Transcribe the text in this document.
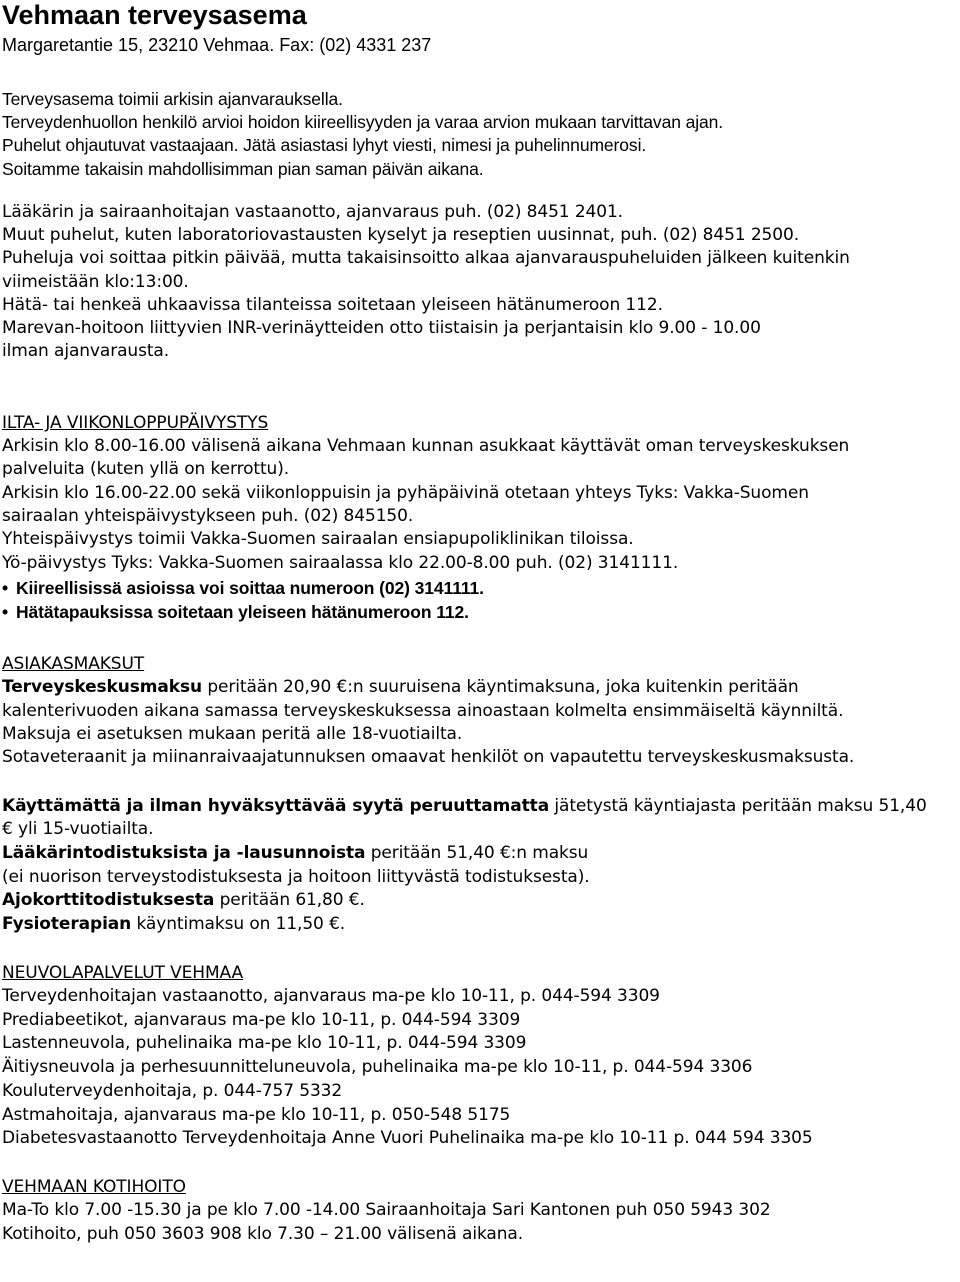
Vehmaan terveysasema
Margaretantie 15, 23210 Vehmaa. Fax: (02) 4331 237
Terveysasema toimii arkisin ajanvarauksella.
Terveydenhuollon henkilö arvioi hoidon kiireellisyyden ja varaa arvion mukaan tarvittavan ajan.
Puhelut ohjautuvat vastaajaan. Jätä asiastasi lyhyt viesti, nimesi ja puhelinnumerosi.
Soitamme takaisin mahdollisimman pian saman päivän aikana.
Lääkärin ja sairaanhoitajan vastaanotto, ajanvaraus puh. (02) 8451 2401.
Muut puhelut, kuten laboratoriovastausten kyselyt ja reseptien uusinnat, puh. (02) 8451 2500.
Puheluja voi soittaa pitkin päivää, mutta takaisinsoitto alkaa ajanvarauspuheluiden jälkeen kuitenkin
viimeistään klo:13:00.
Hätä- tai henkeä uhkaavissa tilanteissa soitetaan yleiseen hätänumeroon 112.
Marevan-hoitoon liittyvien INR-verinäytteiden otto tiistaisin ja perjantaisin klo 9.00 - 10.00
ilman ajanvarausta.
ILTA- JA VIIKONLOPPUPÄIVYSTYS
Arkisin klo 8.00-16.00 välisenä aikana Vehmaan kunnan asukkaat käyttävät oman terveyskeskuksen
palveluita (kuten yllä on kerrottu).
Arkisin klo 16.00-22.00 sekä viikonloppuisin ja pyhäpäivinä otetaan yhteys Tyks: Vakka-Suomen
sairaalan yhteispäivystykseen puh. (02) 845150.
Yhteispäivystys toimii Vakka-Suomen sairaalan ensiapupoliklinikan tiloissa.
Yö-päivystys Tyks: Vakka-Suomen sairaalassa klo 22.00-8.00 puh. (02) 3141111.
• Kiireellisissä asioissa voi soittaa numeroon (02) 3141111.
• Hätätapauksissa soitetaan yleiseen hätänumeroon 112.
ASIAKASMAKSUT
Terveyskeskusmaksu peritään 20,90 €:n suuruisena käyntimaksuna, joka kuitenkin peritään
kalenterivuoden aikana samassa terveyskeskuksessa ainoastaan kolmelta ensimmäiseltä käynniltä.
Maksuja ei asetuksen mukaan peritä alle 18-vuotiailta.
Sotaveteraanit ja miinanraivaajatunnuksen omaavat henkilöt on vapautettu terveyskeskusmaksusta.
Käyttämättä ja ilman hyväksyttävää syytä peruuttamatta jätetystä käyntiajasta peritään maksu 51,40
€ yli 15-vuotiailta.
Lääkärintodistuksista ja -lausunnoista peritään 51,40 €:n maksu
(ei nuorison terveystodistuksesta ja hoitoon liittyvästä todistuksesta).
Ajokorttitodistuksesta peritään 61,80 €.
Fysioterapian käyntimaksu on 11,50 €.
NEUVOLAPALVELUT VEHMAA
Terveydenhoitajan vastaanotto, ajanvaraus ma-pe klo 10-11, p. 044-594 3309
Prediabeetikot, ajanvaraus ma-pe klo 10-11, p. 044-594 3309
Lastenneuvola, puhelinaika ma-pe klo 10-11, p. 044-594 3309
Äitiysneuvola ja perhesuunnitteluneuvola, puhelinaika ma-pe klo 10-11, p. 044-594 3306
Kouluterveydenhoitaja, p. 044-757 5332
Astmahoitaja, ajanvaraus ma-pe klo 10-11, p. 050-548 5175
Diabetesvastaanotto Terveydenhoitaja Anne Vuori Puhelinaika ma-pe klo 10-11 p. 044 594 3305
VEHMAAN KOTIHOITO
Ma-To klo 7.00 -15.30 ja pe klo 7.00 -14.00 Sairaanhoitaja Sari Kantonen puh 050 5943 302
Kotihoito, puh 050 3603 908 klo 7.30 – 21.00 välisenä aikana.
